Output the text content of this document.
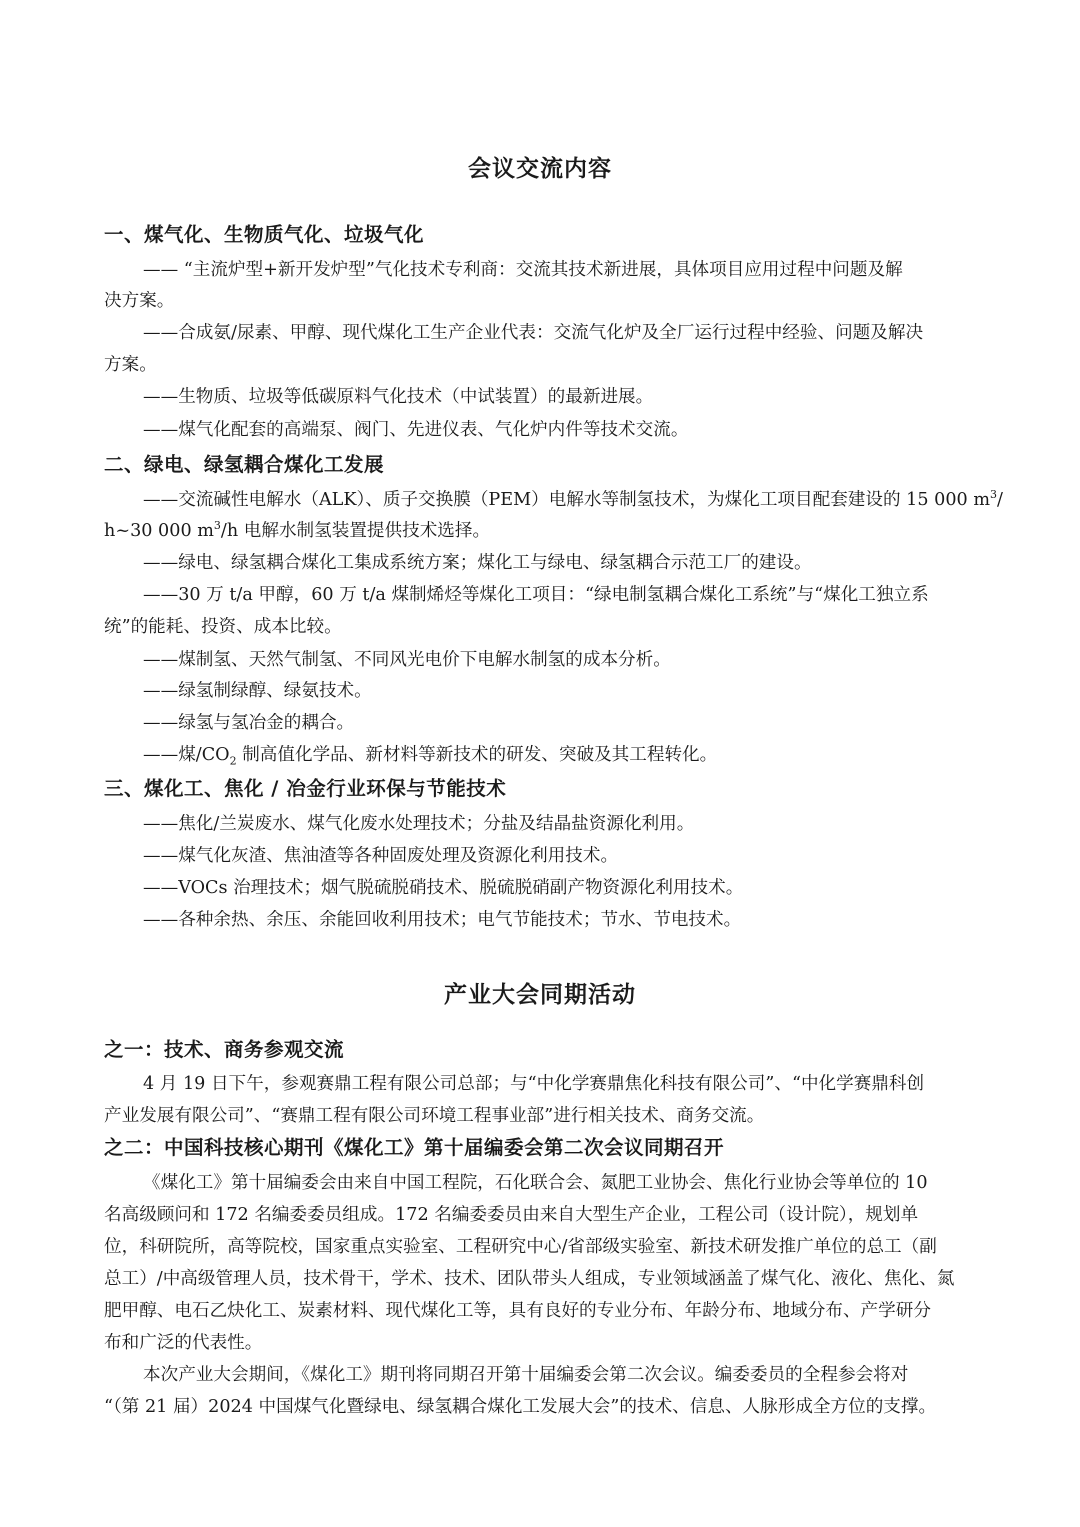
会议交流内容
一、煤气化、生物质气化、垃圾气化
—— “主流炉型+新开发炉型”气化技术专利商：交流其技术新进展，具体项目应用过程中问题及解
决方案。
——合成氨/尿素、甲醇、现代煤化工生产企业代表：交流气化炉及全厂运行过程中经验、问题及解决
方案。
——生物质、垃圾等低碳原料气化技术（中试装置）的最新进展。
——煤气化配套的高端泵、阀门、先进仪表、气化炉内件等技术交流。
二、绿电、绿氢耦合煤化工发展
——交流碱性电解水（ALK）、质子交换膜（PEM）电解水等制氢技术，为煤化工项目配套建设的 15 000 $m^3/$
h~30 000 $m^3/h$ 电解水制氢装置提供技术选择。
——绿电、绿氢耦合煤化工集成系统方案；煤化工与绿电、绿氢耦合示范工厂的建设。
——30 万 t/a 甲醇，60 万 t/a 煤制烯烃等煤化工项目：“绿电制氢耦合煤化工系统”与“煤化工独立系
统”的能耗、投资、成本比较。
——煤制氢、天然气制氢、不同风光电价下电解水制氢的成本分析。
——绿氢制绿醇、绿氨技术。
——绿氢与氢冶金的耦合。
——煤$/CO_2$ 制高值化学品、新材料等新技术的研发、突破及其工程转化。
三、煤化工、焦化 / 冶金行业环保与节能技术
——焦化/兰炭废水、煤气化废水处理技术；分盐及结晶盐资源化利用。
——煤气化灰渣、焦油渣等各种固废处理及资源化利用技术。
——VOCs 治理技术；烟气脱硫脱硝技术、脱硫脱硝副产物资源化利用技术。
——各种余热、余压、余能回收利用技术；电气节能技术；节水、节电技术。
产业大会同期活动
之一：技术、商务参观交流
4 月 19 日下午，参观赛鼎工程有限公司总部；与“中化学赛鼎焦化科技有限公司”、“中化学赛鼎科创
产业发展有限公司”、“赛鼎工程有限公司环境工程事业部”进行相关技术、商务交流。
之二：中国科技核心期刊《煤化工》第十届编委会第二次会议同期召开
《煤化工》第十届编委会由来自中国工程院，石化联合会、氮肥工业协会、焦化行业协会等单位的 10
名高级顾问和 172 名编委委员组成。172 名编委委员由来自大型生产企业，工程公司（设计院），规划单
位，科研院所，高等院校，国家重点实验室、工程研究中心/省部级实验室、新技术研发推广单位的总工（副
总工）/中高级管理人员，技术骨干，学术、技术、团队带头人组成，专业领域涵盖了煤气化、液化、焦化、氮
肥甲醇、电石乙炔化工、炭素材料、现代煤化工等，具有良好的专业分布、年龄分布、地域分布、产学研分
布和广泛的代表性。
本次产业大会期间，《煤化工》期刊将同期召开第十届编委会第二次会议。编委委员的全程参会将对
“（第 21 届）2024 中国煤气化暨绿电、绿氢耦合煤化工发展大会”的技术、信息、人脉形成全方位的支撑。
